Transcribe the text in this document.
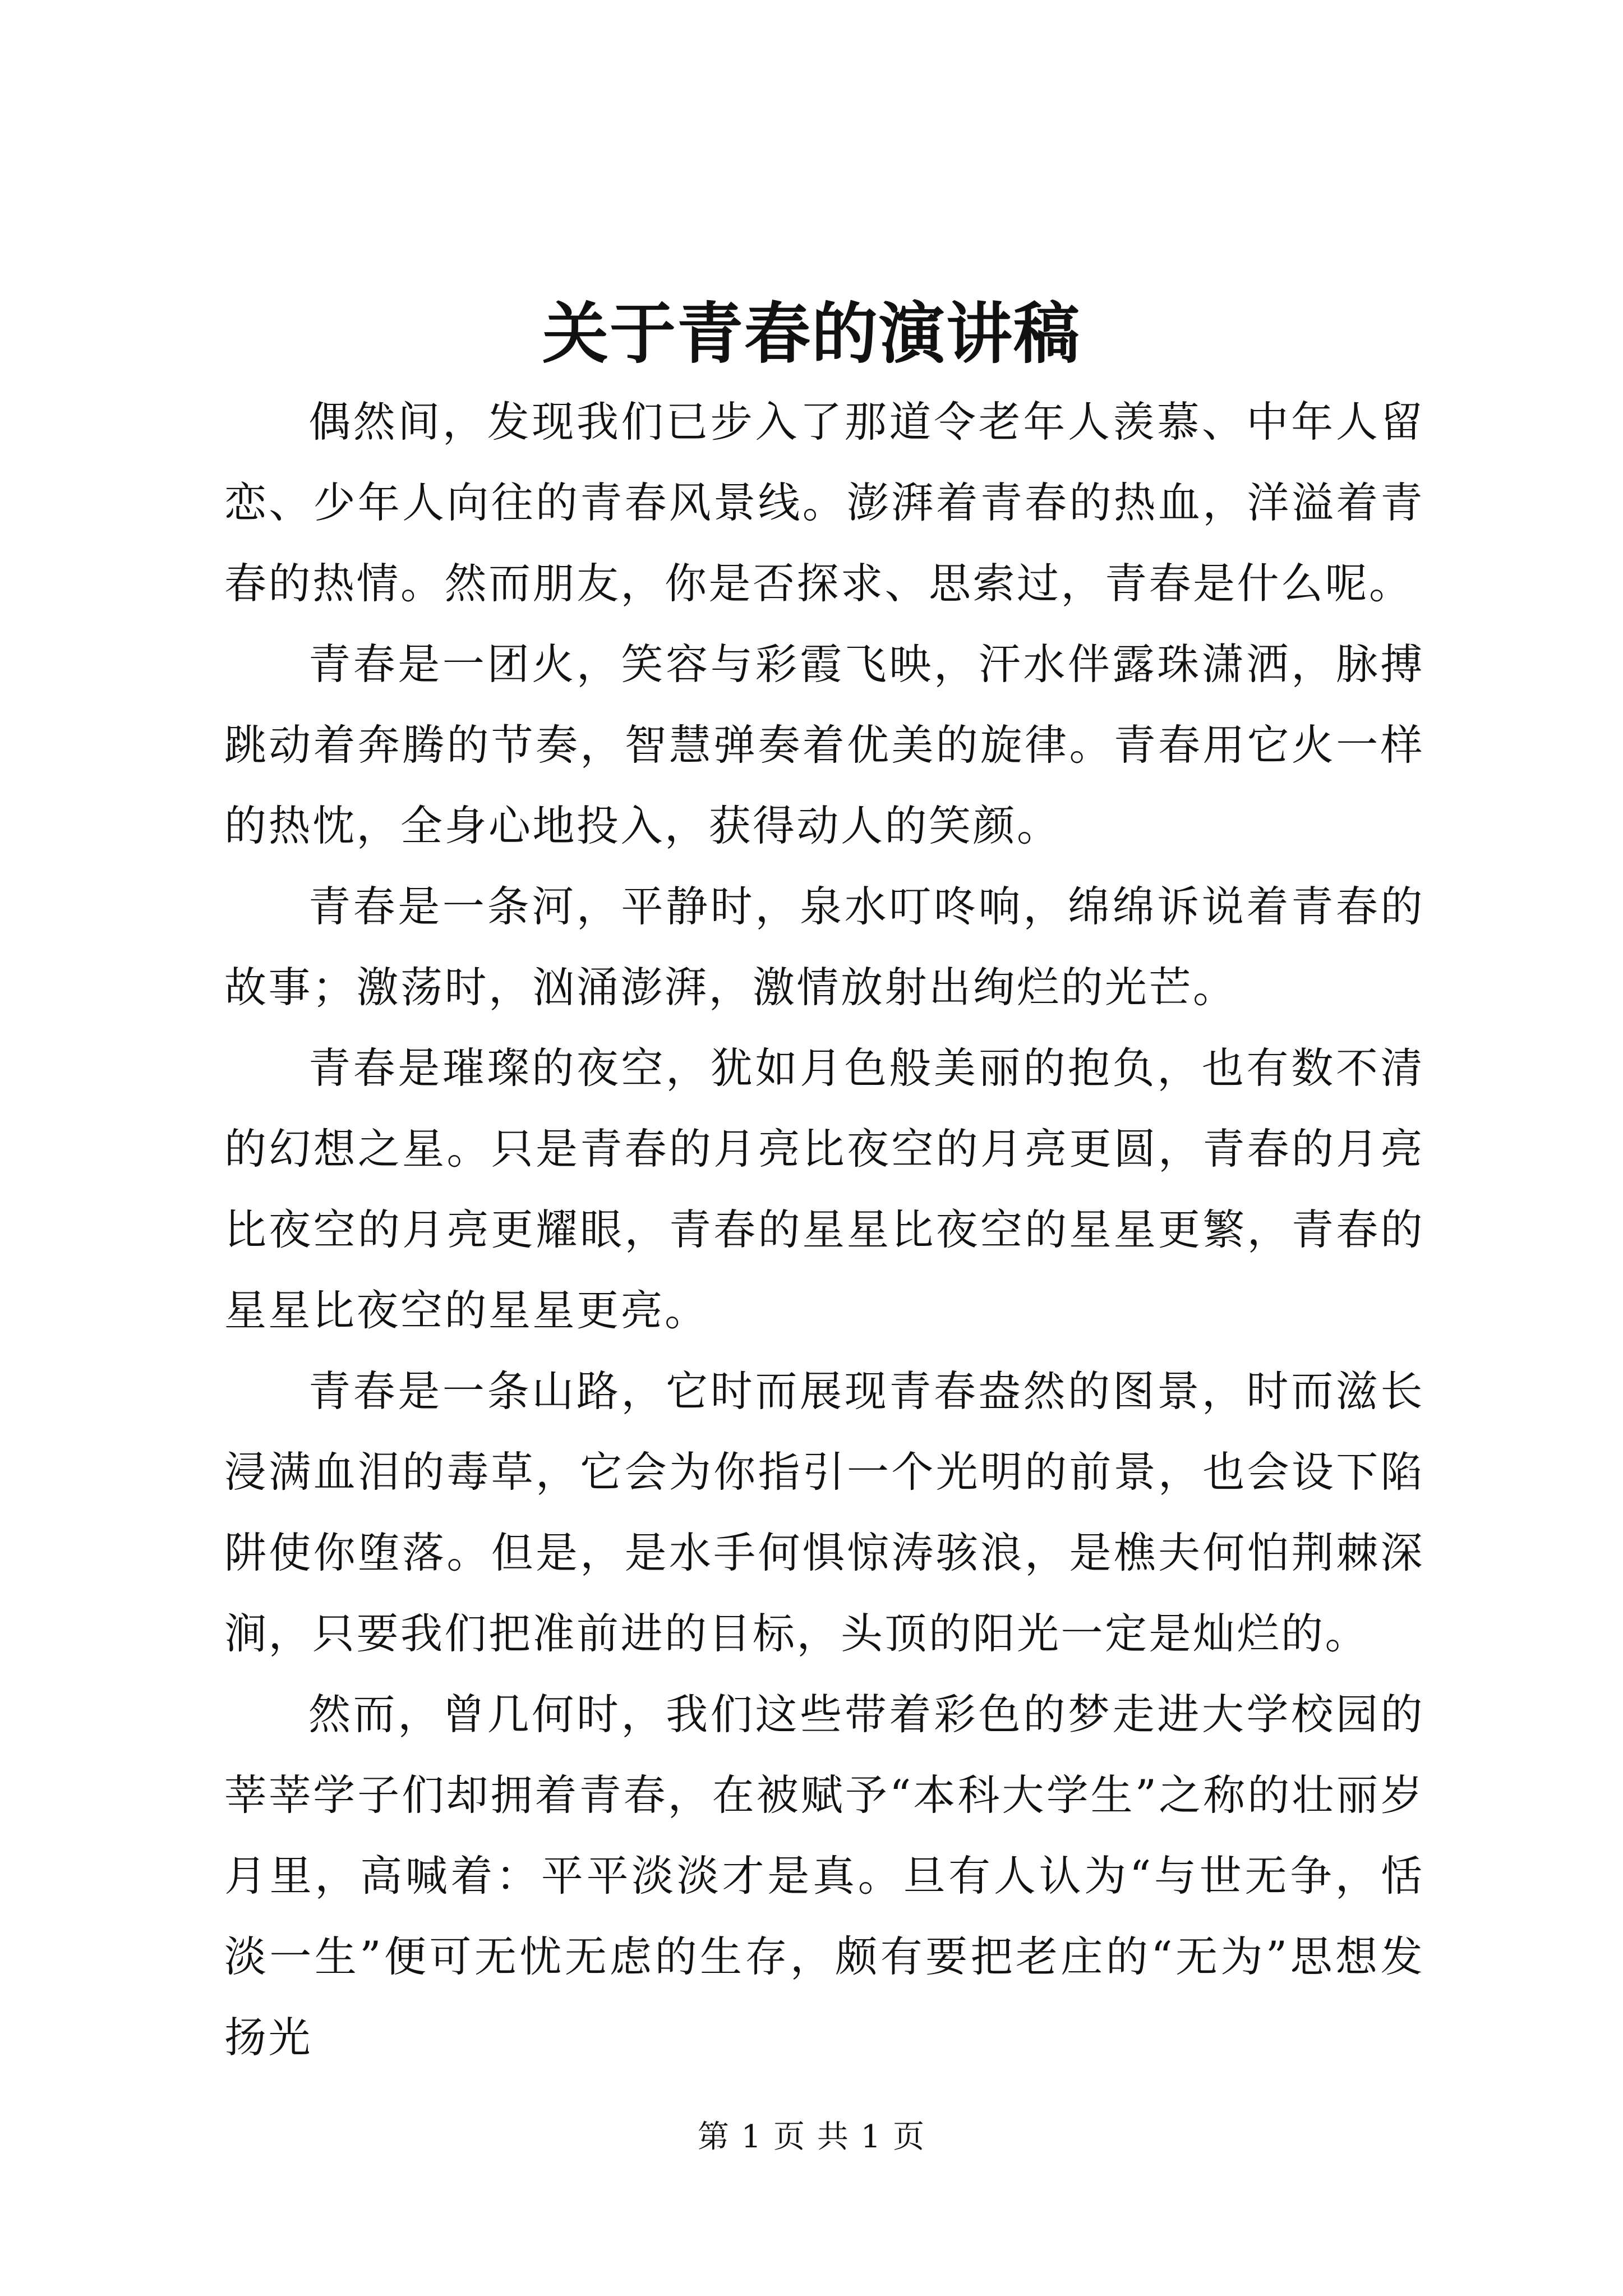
关于青春的演讲稿

偶然间，发现我们已步入了那道令老年人羡慕、中年人留恋、少年人向往的青春风景线。澎湃着青春的热血，洋溢着青春的热情。然而朋友，你是否探求、思索过，青春是什么呢。

青春是一团火，笑容与彩霞飞映，汗水伴露珠潇洒，脉搏跳动着奔腾的节奏，智慧弹奏着优美的旋律。青春用它火一样的热忱，全身心地投入，获得动人的笑颜。

青春是一条河，平静时，泉水叮咚响，绵绵诉说着青春的故事；激荡时，汹涌澎湃，激情放射出绚烂的光芒。

青春是璀璨的夜空，犹如月色般美丽的抱负，也有数不清的幻想之星。只是青春的月亮比夜空的月亮更圆，青春的月亮比夜空的月亮更耀眼，青春的星星比夜空的星星更繁，青春的星星比夜空的星星更亮。

青春是一条山路，它时而展现青春盎然的图景，时而滋长浸满血泪的毒草，它会为你指引一个光明的前景，也会设下陷阱使你堕落。但是，是水手何惧惊涛骇浪，是樵夫何怕荆棘深涧，只要我们把准前进的目标，头顶的阳光一定是灿烂的。

然而，曾几何时，我们这些带着彩色的梦走进大学校园的莘莘学子们却拥着青春，在被赋予“本科大学生”之称的壮丽岁月里，高喊着：平平淡淡才是真。旦有人认为“与世无争，恬淡一生”便可无忧无虑的生存，颇有要把老庄的“无为”思想发扬光

第 1 页 共 1 页
